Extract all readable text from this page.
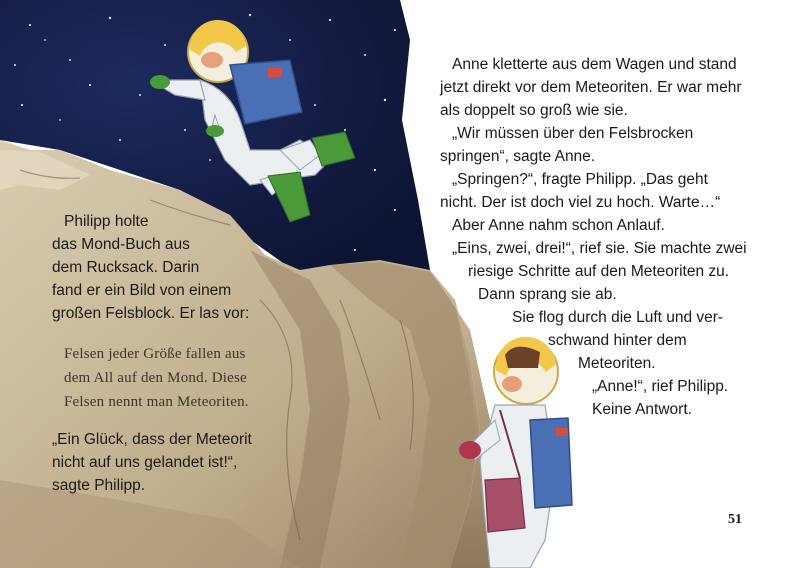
Philipp holte
das Mond-Buch aus
dem Rucksack. Darin
fand er ein Bild von einem
großen Felsblock. Er las vor:
Felsen jeder Größe fallen aus
dem All auf den Mond. Diese
Felsen nennt man Meteoriten.
„Ein Glück, dass der Meteorit
nicht auf uns gelandet ist!“,
sagte Philipp.
Anne kletterte aus dem Wagen und stand
jetzt direkt vor dem Meteoriten. Er war mehr
als doppelt so groß wie sie.
„Wir müssen über den Felsbrocken
springen“, sagte Anne.
„Springen?“, fragte Philipp. „Das geht
nicht. Der ist doch viel zu hoch. Warte…“
Aber Anne nahm schon Anlauf.
„Eins, zwei, drei!“, rief sie. Sie machte zwei
riesige Schritte auf den Meteoriten zu.
Dann sprang sie ab.
Sie flog durch die Luft und ver-
schwand hinter dem
Meteoriten.
„Anne!“, rief Philipp.
Keine Antwort.
51
